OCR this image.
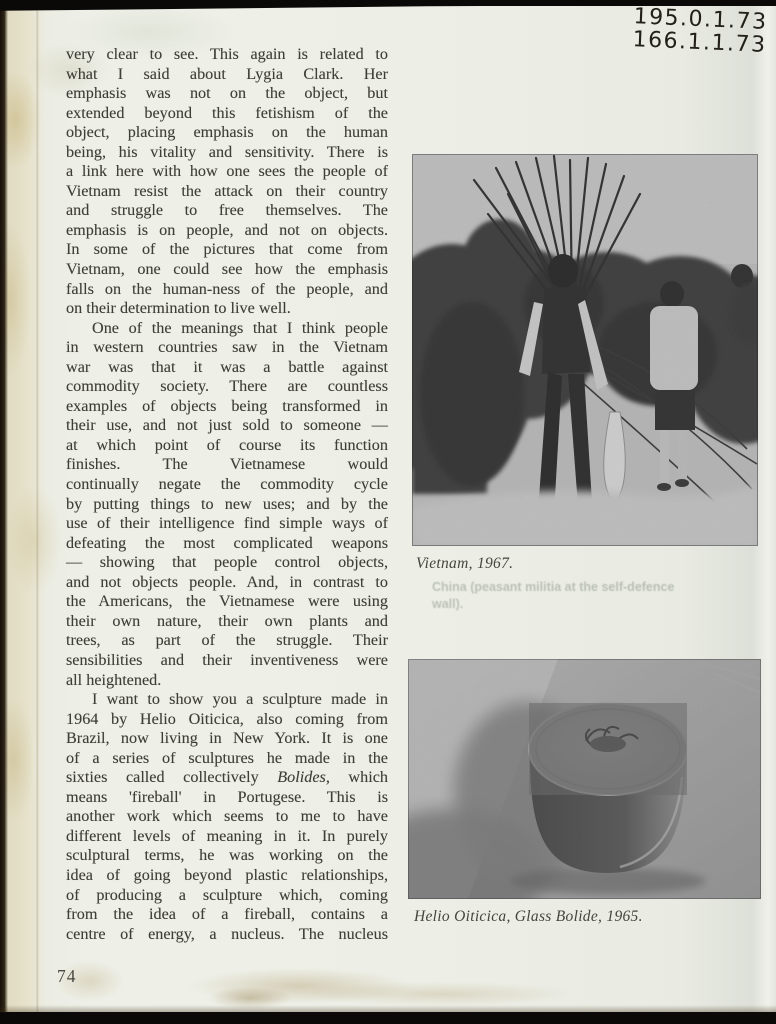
195.0.1.73
166.1.1.73
very clear to see. This again is related to
what I said about Lygia Clark. Her
emphasis was not on the object, but
extended beyond this fetishism of the
object, placing emphasis on the human
being, his vitality and sensitivity. There is
a link here with how one sees the people of
Vietnam resist the attack on their country
and struggle to free themselves. The
emphasis is on people, and not on objects.
In some of the pictures that come from
Vietnam, one could see how the emphasis
falls on the human-ness of the people, and
on their determination to live well.
One of the meanings that I think people
in western countries saw in the Vietnam
war was that it was a battle against
commodity society. There are countless
examples of objects being transformed in
their use, and not just sold to someone —
at which point of course its function
finishes. The Vietnamese would
continually negate the commodity cycle
by putting things to new uses; and by the
use of their intelligence find simple ways of
defeating the most complicated weapons
— showing that people control objects,
and not objects people. And, in contrast to
the Americans, the Vietnamese were using
their own nature, their own plants and
trees, as part of the struggle. Their
sensibilities and their inventiveness were
all heightened.
I want to show you a sculpture made in
1964 by Helio Oiticica, also coming from
Brazil, now living in New York. It is one
of a series of sculptures he made in the
sixties called collectively Bolides, which
means 'fireball' in Portugese. This is
another work which seems to me to have
different levels of meaning in it. In purely
sculptural terms, he was working on the
idea of going beyond plastic relationships,
of producing a sculpture which, coming
from the idea of a fireball, contains a
centre of energy, a nucleus. The nucleus
Vietnam, 1967.
China (peasant militia at the self-defence
wall).
Helio Oiticica, Glass Bolide, 1965.
74
